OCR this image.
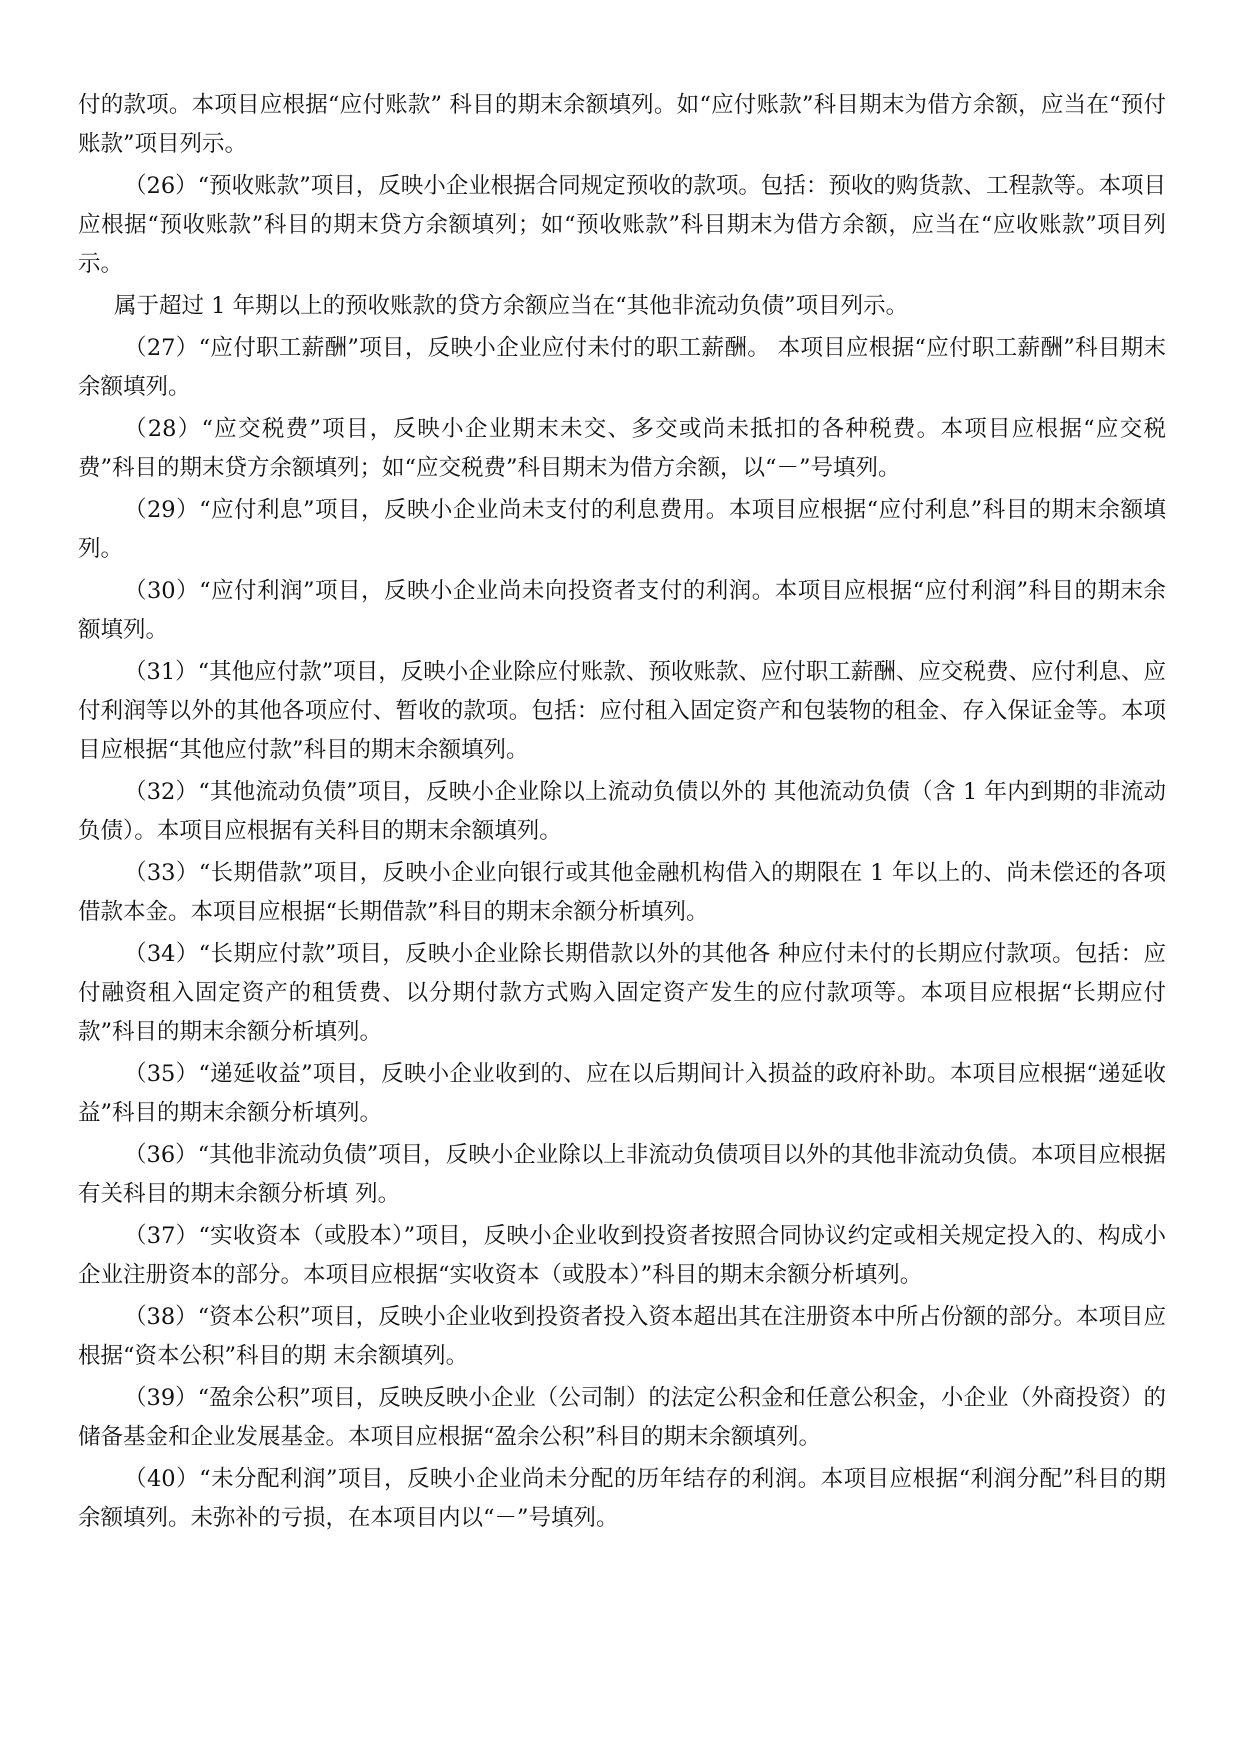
付的款项。本项目应根据“应付账款” 科目的期末余额填列。如“应付账款”科目期末为借方余额，应当在“预付账款”项目列示。

（26）“预收账款”项目，反映小企业根据合同规定预收的款项。包括：预收的购货款、工程款等。本项目应根据“预收账款”科目的期末贷方余额填列；如“预收账款”科目期末为借方余额，应当在“应收账款”项目列示。

属于超过 1 年期以上的预收账款的贷方余额应当在“其他非流动负债”项目列示。

（27）“应付职工薪酬”项目，反映小企业应付未付的职工薪酬。 本项目应根据“应付职工薪酬”科目期末余额填列。

（28）“应交税费”项目，反映小企业期末未交、多交或尚未抵扣的各种税费。本项目应根据“应交税费”科目的期末贷方余额填列；如“应交税费”科目期末为借方余额，以“－”号填列。

（29）“应付利息”项目，反映小企业尚未支付的利息费用。本项目应根据“应付利息”科目的期末余额填列。

（30）“应付利润”项目，反映小企业尚未向投资者支付的利润。本项目应根据“应付利润”科目的期末余额填列。

（31）“其他应付款”项目，反映小企业除应付账款、预收账款、应付职工薪酬、应交税费、应付利息、应付利润等以外的其他各项应付、暂收的款项。包括：应付租入固定资产和包装物的租金、存入保证金等。本项目应根据“其他应付款”科目的期末余额填列。

（32）“其他流动负债”项目，反映小企业除以上流动负债以外的 其他流动负债（含 1 年内到期的非流动负债）。本项目应根据有关科目的期末余额填列。

（33）“长期借款”项目，反映小企业向银行或其他金融机构借入的期限在 1 年以上的、尚未偿还的各项借款本金。本项目应根据“长期借款”科目的期末余额分析填列。

（34）“长期应付款”项目，反映小企业除长期借款以外的其他各 种应付未付的长期应付款项。包括：应付融资租入固定资产的租赁费、以分期付款方式购入固定资产发生的应付款项等。本项目应根据“长期应付款”科目的期末余额分析填列。

（35）“递延收益”项目，反映小企业收到的、应在以后期间计入损益的政府补助。本项目应根据“递延收益”科目的期末余额分析填列。

（36）“其他非流动负债”项目，反映小企业除以上非流动负债项目以外的其他非流动负债。本项目应根据有关科目的期末余额分析填 列。

（37）“实收资本（或股本）”项目，反映小企业收到投资者按照合同协议约定或相关规定投入的、构成小企业注册资本的部分。本项目应根据“实收资本（或股本）”科目的期末余额分析填列。

（38）“资本公积”项目，反映小企业收到投资者投入资本超出其在注册资本中所占份额的部分。本项目应根据“资本公积”科目的期 末余额填列。

（39）“盈余公积”项目，反映反映小企业（公司制）的法定公积金和任意公积金，小企业（外商投资）的储备基金和企业发展基金。本项目应根据“盈余公积”科目的期末余额填列。

（40）“未分配利润”项目，反映小企业尚未分配的历年结存的利润。本项目应根据“利润分配”科目的期余额填列。未弥补的亏损，在本项目内以“－”号填列。
